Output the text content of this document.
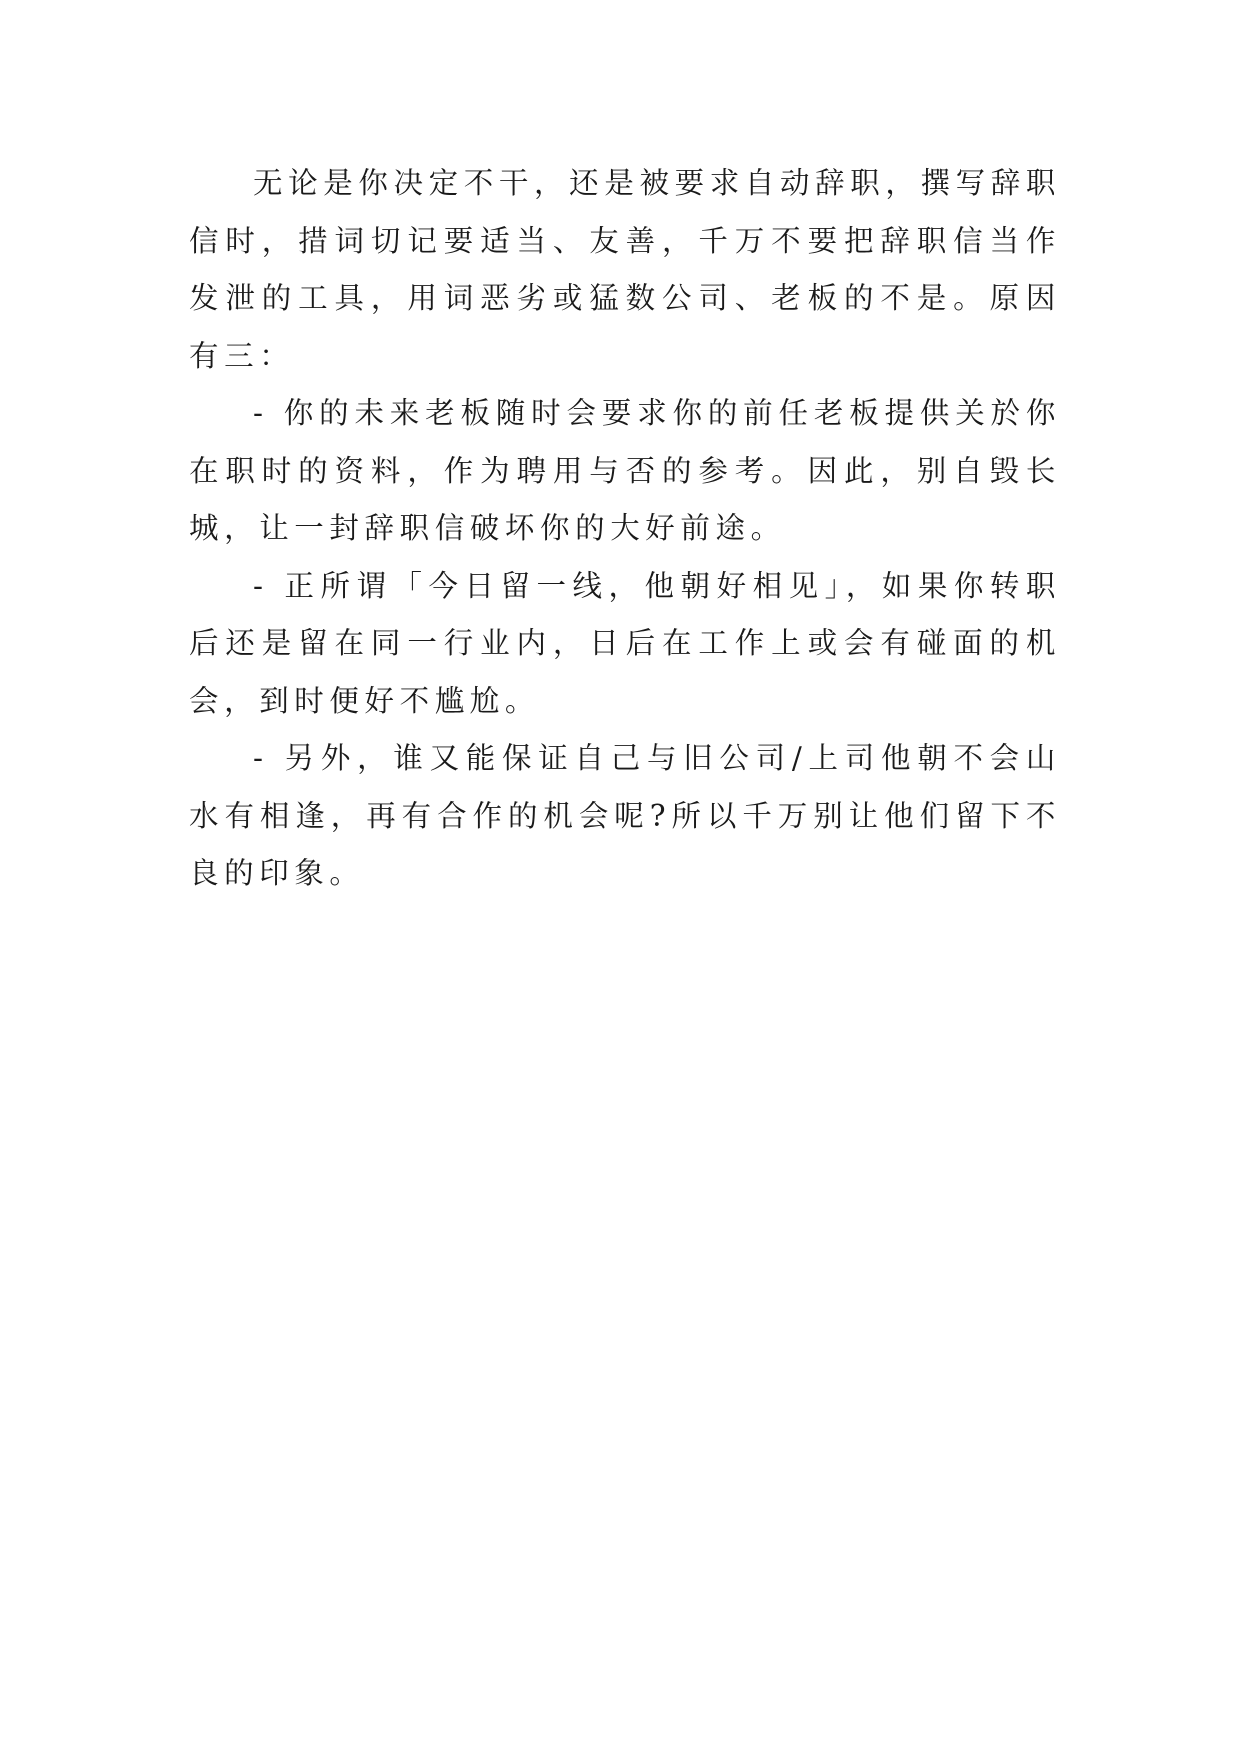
无论是你决定不干，还是被要求自动辞职，撰写辞职信时，措词切记要适当、友善，千万不要把辞职信当作发泄的工具，用词恶劣或猛数公司、老板的不是。原因有三：

- 你的未来老板随时会要求你的前任老板提供关於你在职时的资料，作为聘用与否的参考。因此，别自毁长城，让一封辞职信破坏你的大好前途。

- 正所谓「今日留一线，他朝好相见」，如果你转职后还是留在同一行业内，日后在工作上或会有碰面的机会，到时便好不尴尬。

- 另外，谁又能保证自己与旧公司/上司他朝不会山水有相逢，再有合作的机会呢?所以千万别让他们留下不良的印象。
